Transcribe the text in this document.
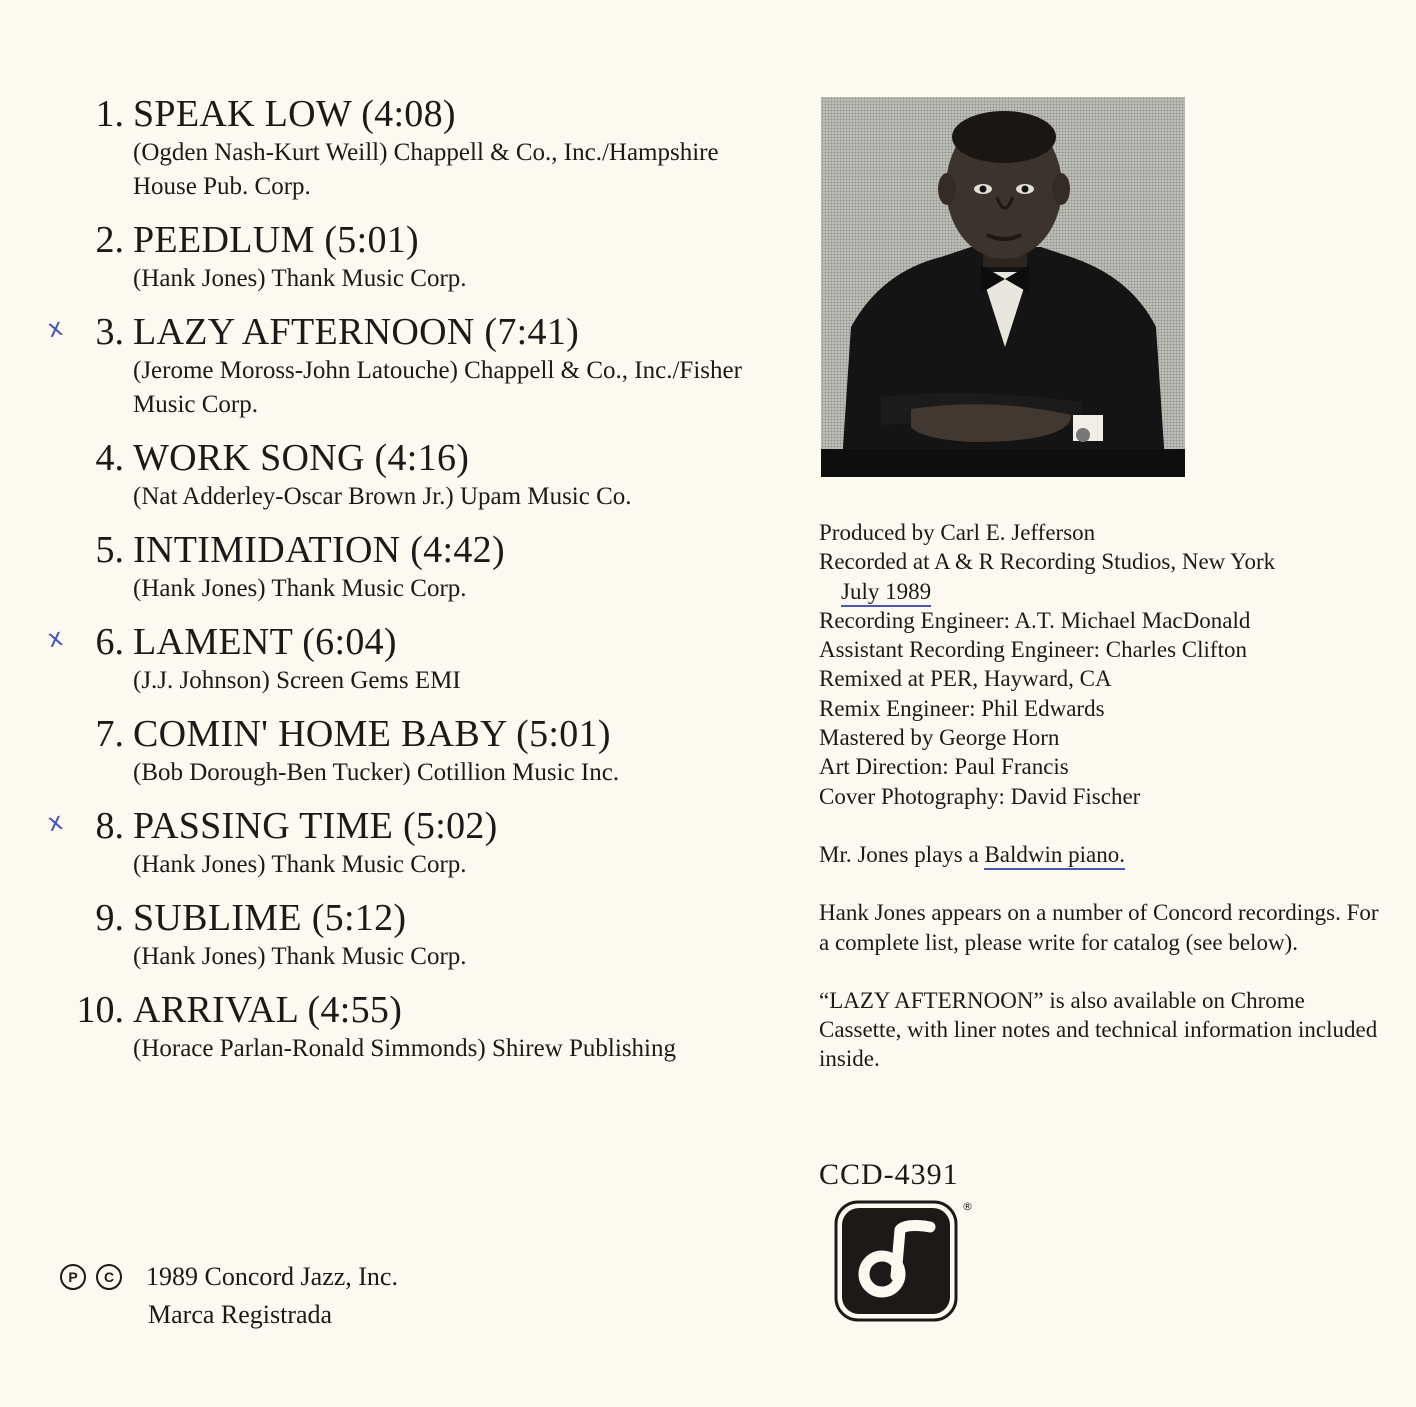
1. SPEAK LOW (4:08)
(Ogden Nash-Kurt Weill) Chappell & Co., Inc./Hampshire House Pub. Corp.
2. PEEDLUM (5:01)
(Hank Jones) Thank Music Corp.
x 3. LAZY AFTERNOON (7:41)
(Jerome Moross-John Latouche) Chappell & Co., Inc./Fisher Music Corp.
4. WORK SONG (4:16)
(Nat Adderley-Oscar Brown Jr.) Upam Music Co.
5. INTIMIDATION (4:42)
(Hank Jones) Thank Music Corp.
x 6. LAMENT (6:04)
(J.J. Johnson) Screen Gems EMI
7. COMIN' HOME BABY (5:01)
(Bob Dorough-Ben Tucker) Cotillion Music Inc.
x 8. PASSING TIME (5:02)
(Hank Jones) Thank Music Corp.
9. SUBLIME (5:12)
(Hank Jones) Thank Music Corp.
10. ARRIVAL (4:55)
(Horace Parlan-Ronald Simmonds) Shirew Publishing
Produced by Carl E. Jefferson
Recorded at A & R Recording Studios, New York
July 1989
Recording Engineer: A.T. Michael MacDonald
Assistant Recording Engineer: Charles Clifton
Remixed at PER, Hayward, CA
Remix Engineer: Phil Edwards
Mastered by George Horn
Art Direction: Paul Francis
Cover Photography: David Fischer
Mr. Jones plays a Baldwin piano.
Hank Jones appears on a number of Concord recordings. For a complete list, please write for catalog (see below).
“LAZY AFTERNOON” is also available on Chrome Cassette, with liner notes and technical information included inside.
CCD-4391
®
P C 1989 Concord Jazz, Inc.
Marca Registrada
